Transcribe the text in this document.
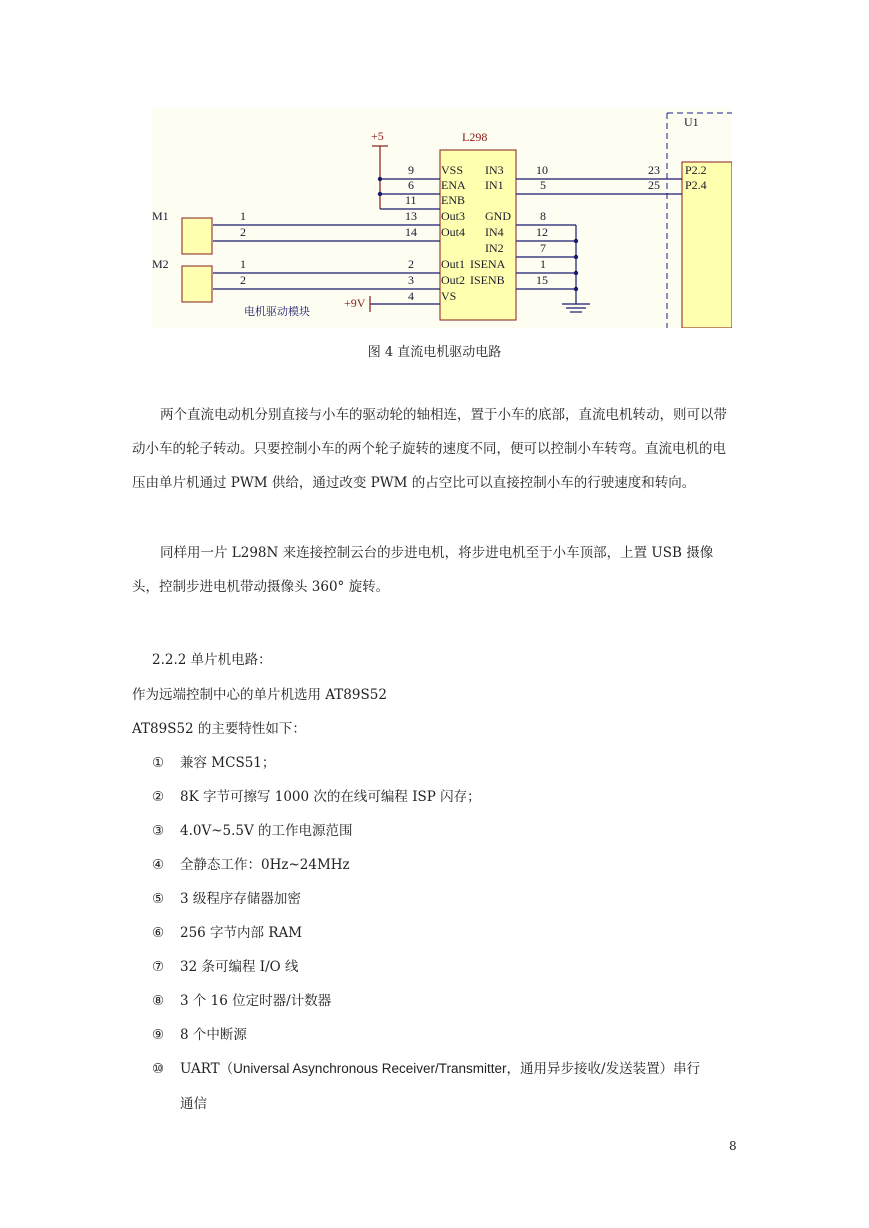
U1
P2.2
P2.4
23
25
L298
VSS
ENA
ENB
Out3
Out4
Out1
Out2
VS
IN3
IN1
GND
IN4
IN2
ISENA
ISENB
9
6
11
13
14
2
3
4
+5
+9V
10
5
8
12
7
1
15
M1	1
2
M2	1
2
电机驱动模块
图 4 直流电机驱动电路
两个直流电动机分别直接与小车的驱动轮的轴相连，置于小车的底部，直流电机转动，则可以带动小车的轮子转动。只要控制小车的两个轮子旋转的速度不同，便可以控制小车转弯。直流电机的电压由单片机通过 PWM 供给，通过改变 PWM 的占空比可以直接控制小车的行驶速度和转向。
同样用一片 L298N 来连接控制云台的步进电机，将步进电机至于小车顶部，上置 USB 摄像头，控制步进电机带动摄像头 360° 旋转。
2.2.2 单片机电路：
作为远端控制中心的单片机选用 AT89S52
AT89S52 的主要特性如下：
① 兼容 MCS51；
② 8K 字节可擦写 1000 次的在线可编程 ISP 闪存；
③ 4.0V~5.5V 的工作电源范围
④ 全静态工作：0Hz~24MHz
⑤ 3 级程序存储器加密
⑥ 256 字节内部 RAM
⑦ 32 条可编程 I/O 线
⑧ 3 个 16 位定时器/计数器
⑨ 8 个中断源
⑩ UART（Universal Asynchronous Receiver/Transmitter，通用异步接收/发送装置）串行
通信
8
